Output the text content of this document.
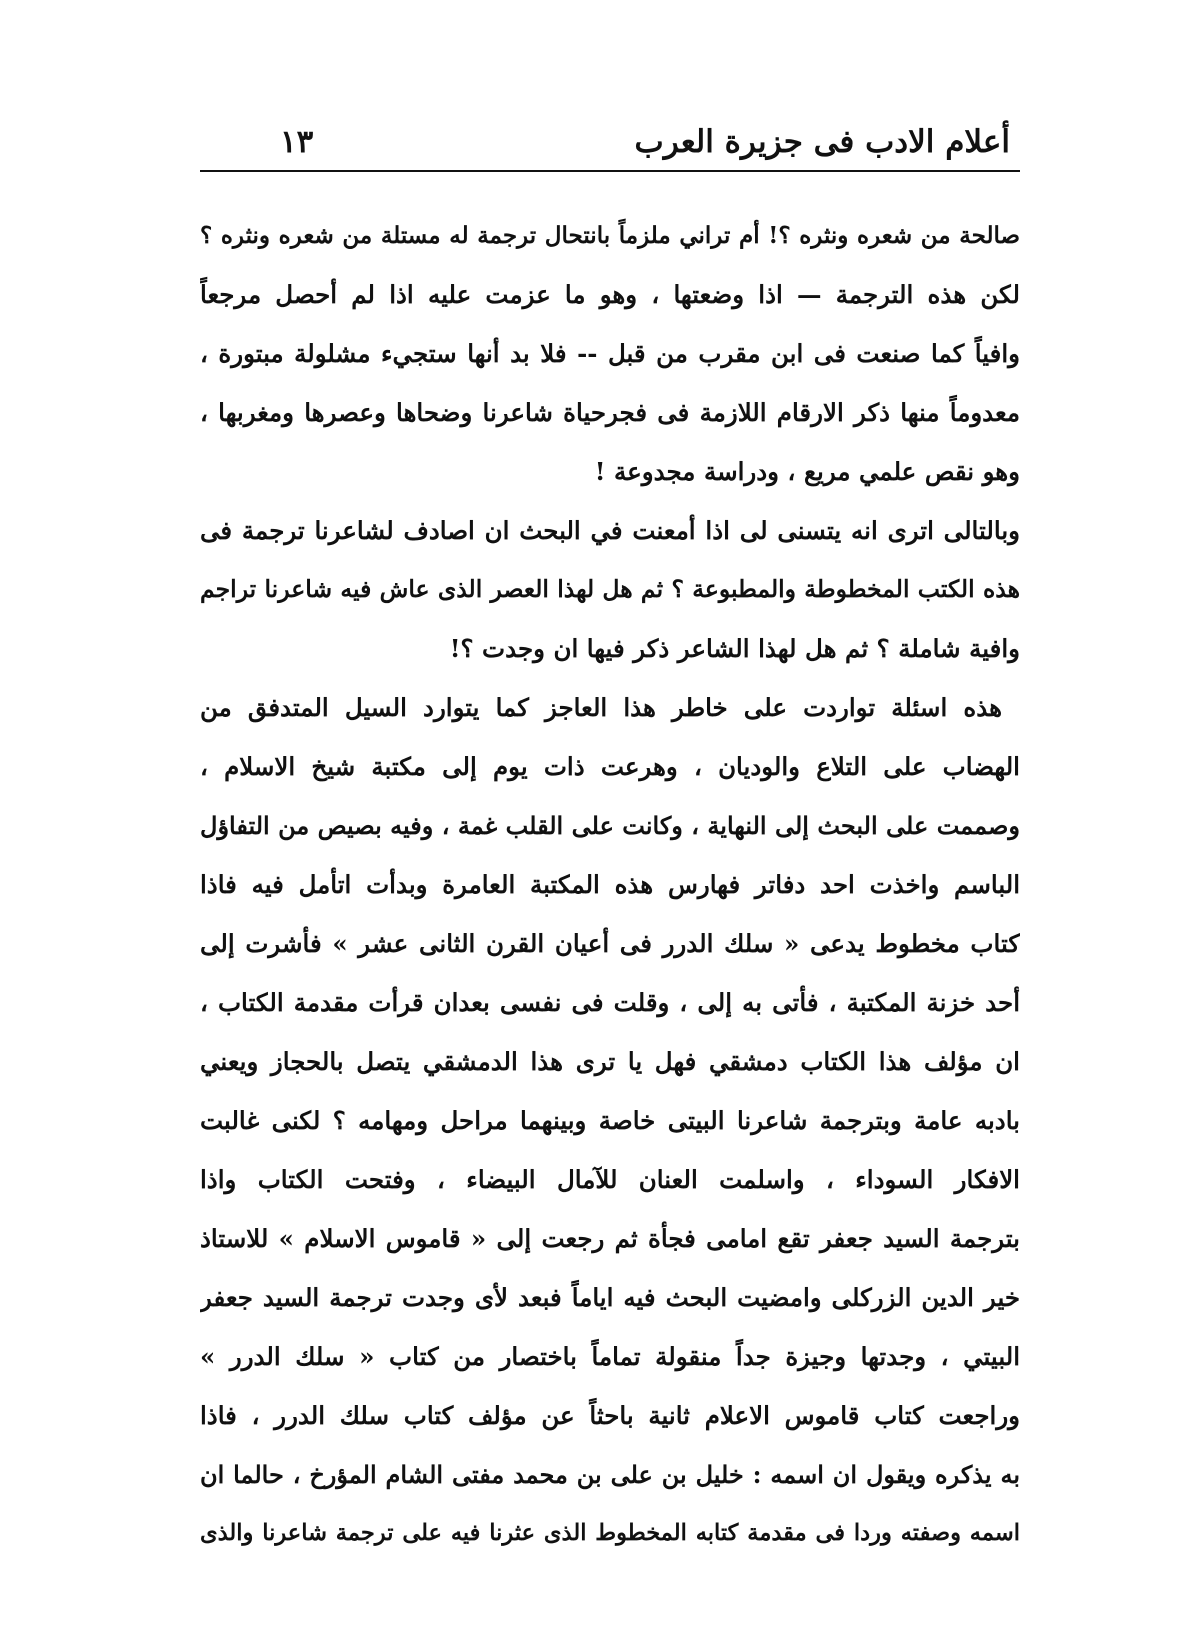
أعلام الادب فى جزيرة العرب
١٣
صالحة من شعره ونثره ؟! أم تراني ملزماً بانتحال ترجمة له مستلة من شعره ونثره ؟
لكن هذه الترجمة — اذا وضعتها ، وهو ما عزمت عليه اذا لم أحصل مرجعاً
وافياً كما صنعت فى ابن مقرب من قبل -- فلا بد أنها ستجيء مشلولة مبتورة ،
معدوماً منها ذكر الارقام اللازمة فى فجرحياة شاعرنا وضحاها وعصرها ومغربها ،
وهو نقص علمي مريع ، ودراسة مجدوعة !
وبالتالى اترى انه يتسنى لى اذا أمعنت في البحث ان اصادف لشاعرنا ترجمة فى
هذه الكتب المخطوطة والمطبوعة ؟ ثم هل لهذا العصر الذى عاش فيه شاعرنا تراجم
وافية شاملة ؟ ثم هل لهذا الشاعر ذكر فيها ان وجدت ؟!
هذه اسئلة تواردت على خاطر هذا العاجز كما يتوارد السيل المتدفق من
الهضاب على التلاع والوديان ، وهرعت ذات يوم إلى مكتبة شيخ الاسلام ،
وصممت على البحث إلى النهاية ، وكانت على القلب غمة ، وفيه بصيص من التفاؤل
الباسم واخذت احد دفاتر فهارس هذه المكتبة العامرة وبدأت اتأمل فيه فاذا
كتاب مخطوط يدعى « سلك الدرر فى أعيان القرن الثانى عشر » فأشرت إلى
أحد خزنة المكتبة ، فأتى به إلى ، وقلت فى نفسى بعدان قرأت مقدمة الكتاب ،
ان مؤلف هذا الكتاب دمشقي فهل يا ترى هذا الدمشقي يتصل بالحجاز ويعني
بادبه عامة وبترجمة شاعرنا البيتى خاصة وبينهما مراحل ومهامه ؟ لكنى غالبت
الافكار السوداء ، واسلمت العنان للآمال البيضاء ، وفتحت الكتاب واذا
بترجمة السيد جعفر تقع امامى فجأة ثم رجعت إلى « قاموس الاسلام » للاستاذ
خير الدين الزركلى وامضيت البحث فيه اياماً فبعد لأى وجدت ترجمة السيد جعفر
البيتي ، وجدتها وجيزة جداً منقولة تماماً باختصار من كتاب « سلك الدرر »
وراجعت كتاب قاموس الاعلام ثانية باحثاً عن مؤلف كتاب سلك الدرر ، فاذا
به يذكره ويقول ان اسمه : خليل بن على بن محمد مفتى الشام المؤرخ ، حالما ان
اسمه وصفته وردا فى مقدمة كتابه المخطوط الذى عثرنا فيه على ترجمة شاعرنا والذى
